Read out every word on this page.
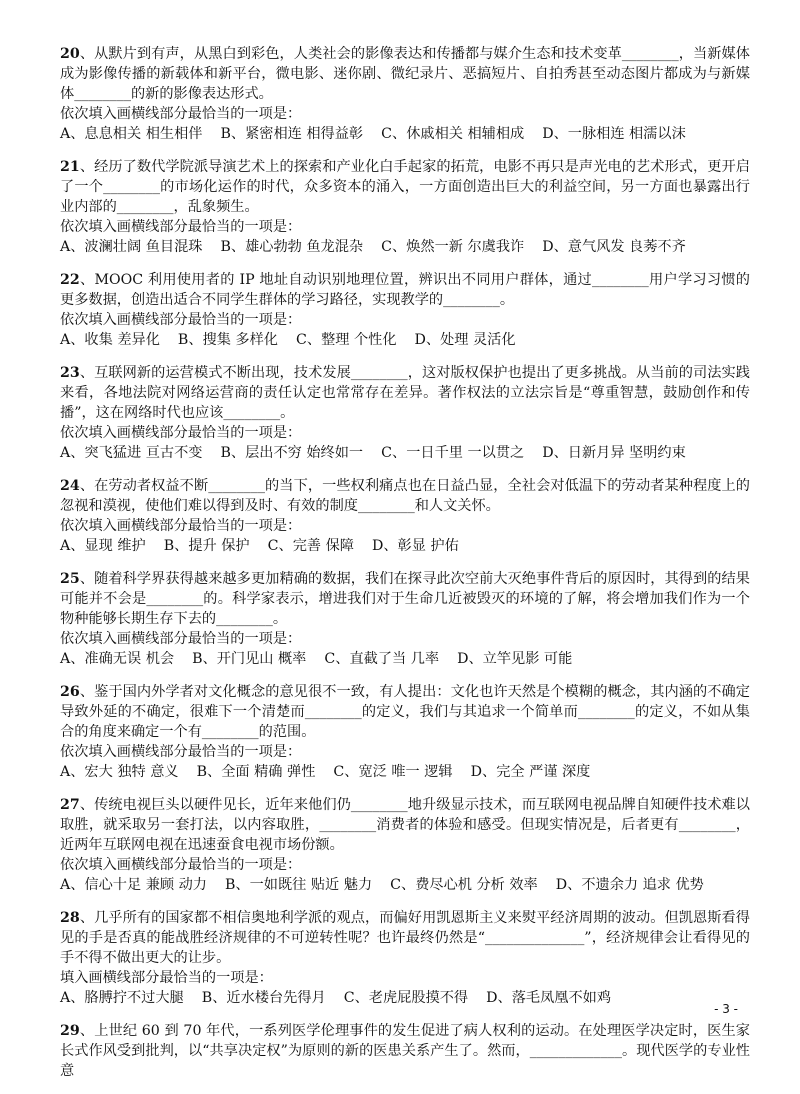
20、从默片到有声，从黑白到彩色，人类社会的影像表达和传播都与媒介生态和技术变革________，当新媒体成为影像传播的新载体和新平台，微电影、迷你剧、微纪录片、恶搞短片、自拍秀甚至动态图片都成为与新媒体________的新的影像表达形式。
依次填入画横线部分最恰当的一项是：
A、息息相关 相生相伴    B、紧密相连 相得益彰    C、休戚相关 相辅相成    D、一脉相连 相濡以沫
21、经历了数代学院派导演艺术上的探索和产业化白手起家的拓荒，电影不再只是声光电的艺术形式，更开启了一个________的市场化运作的时代，众多资本的涌入，一方面创造出巨大的利益空间，另一方面也暴露出行业内部的________，乱象频生。
依次填入画横线部分最恰当的一项是：
A、波澜壮阔 鱼目混珠    B、雄心勃勃 鱼龙混杂    C、焕然一新 尔虞我诈    D、意气风发 良莠不齐
22、MOOC 利用使用者的 IP 地址自动识别地理位置，辨识出不同用户群体，通过________用户学习习惯的更多数据，创造出适合不同学生群体的学习路径，实现教学的________。
依次填入画横线部分最恰当的一项是：
A、收集 差异化    B、搜集 多样化    C、整理 个性化    D、处理 灵活化
23、互联网新的运营模式不断出现，技术发展________，这对版权保护也提出了更多挑战。从当前的司法实践来看，各地法院对网络运营商的责任认定也常常存在差异。著作权法的立法宗旨是“尊重智慧，鼓励创作和传播”，这在网络时代也应该________。
依次填入画横线部分最恰当的一项是：
A、突飞猛进 亘古不变    B、层出不穷 始终如一    C、一日千里 一以贯之    D、日新月异 坚明约束
24、在劳动者权益不断________的当下，一些权利痛点也在日益凸显，全社会对低温下的劳动者某种程度上的忽视和漠视，使他们难以得到及时、有效的制度________和人文关怀。
依次填入画横线部分最恰当的一项是：
A、显现 维护    B、提升 保护    C、完善 保障    D、彰显 护佑
25、随着科学界获得越来越多更加精确的数据，我们在探寻此次空前大灭绝事件背后的原因时，其得到的结果可能并不会是________的。科学家表示，增进我们对于生命几近被毁灭的环境的了解，将会增加我们作为一个物种能够长期生存下去的________。
依次填入画横线部分最恰当的一项是：
A、准确无误 机会    B、开门见山 概率    C、直截了当 几率    D、立竿见影 可能
26、鉴于国内外学者对文化概念的意见很不一致，有人提出：文化也许天然是个模糊的概念，其内涵的不确定导致外延的不确定，很难下一个清楚而________的定义，我们与其追求一个简单而________的定义，不如从集合的角度来确定一个有________的范围。
依次填入画横线部分最恰当的一项是：
A、宏大 独特 意义    B、全面 精确 弹性    C、宽泛 唯一 逻辑    D、完全 严谨 深度
27、传统电视巨头以硬件见长，近年来他们仍________地升级显示技术，而互联网电视品牌自知硬件技术难以取胜，就采取另一套打法，以内容取胜，________消费者的体验和感受。但现实情况是，后者更有________，近两年互联网电视在迅速蚕食电视市场份额。
依次填入画横线部分最恰当的一项是：
A、信心十足 兼顾 动力    B、一如既往 贴近 魅力    C、费尽心机 分析 效率    D、不遗余力 追求 优势
28、几乎所有的国家都不相信奥地利学派的观点，而偏好用凯恩斯主义来熨平经济周期的波动。但凯恩斯看得见的手是否真的能战胜经济规律的不可逆转性呢？也许最终仍然是“______________”，经济规律会让看得见的手不得不做出更大的让步。
填入画横线部分最恰当的一项是：
A、胳膊拧不过大腿    B、近水楼台先得月    C、老虎屁股摸不得    D、落毛凤凰不如鸡
29、上世纪 60 到 70 年代，一系列医学伦理事件的发生促进了病人权利的运动。在处理医学决定时，医生家长式作风受到批判，以“共享决定权”为原则的新的医患关系产生了。然而，_____________。现代医学的专业性意
- 3 -
